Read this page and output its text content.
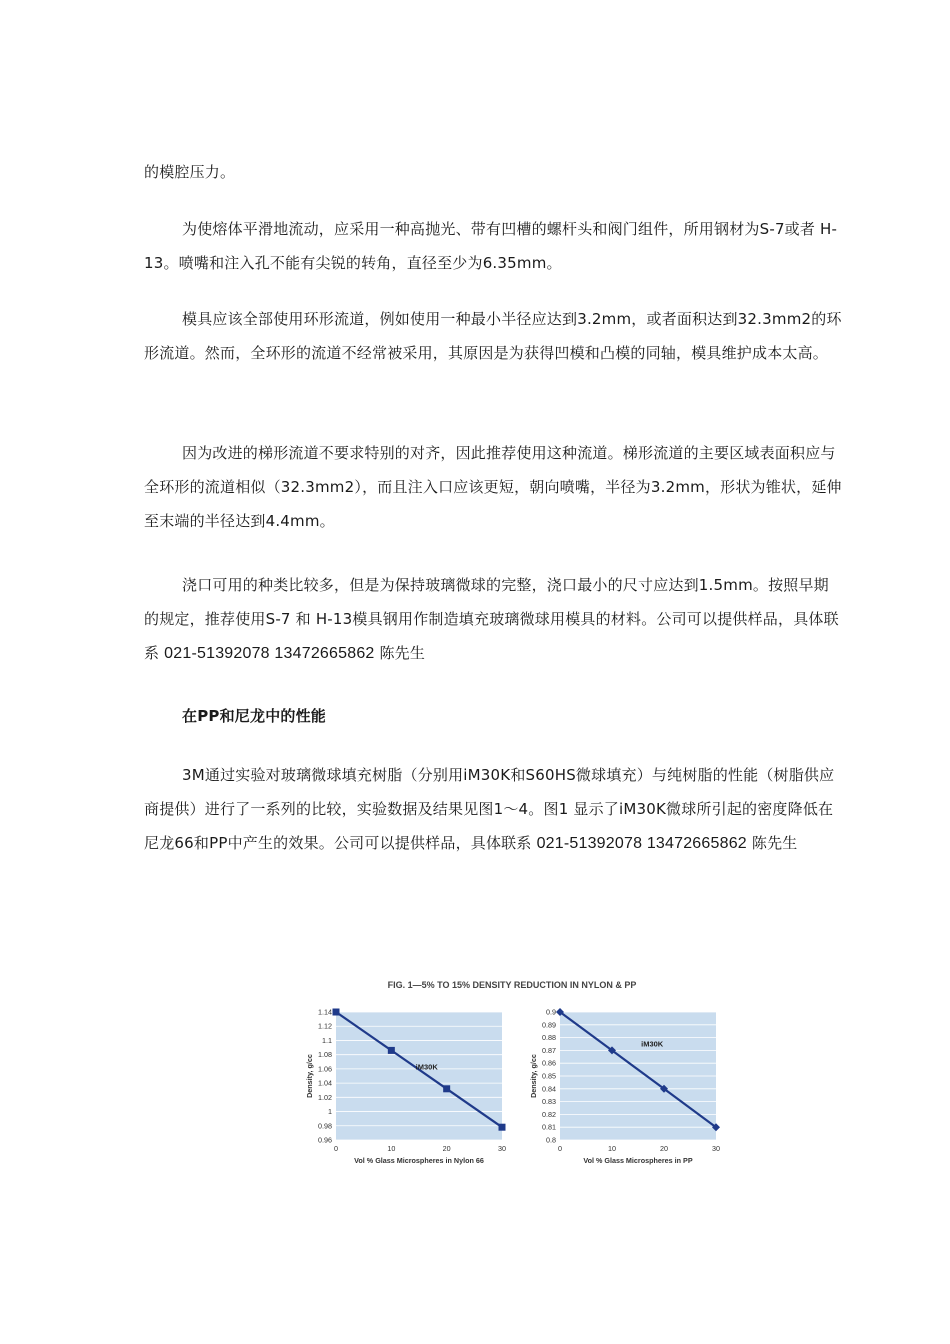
的模腔压力。

为使熔体平滑地流动，应采用一种高抛光、带有凹槽的螺杆头和阀门组件，所用钢材为S-7或者 H-13。喷嘴和注入孔不能有尖锐的转角，直径至少为6.35mm。

模具应该全部使用环形流道，例如使用一种最小半径应达到3.2mm，或者面积达到32.3mm2的环形流道。然而，全环形的流道不经常被采用，其原因是为获得凹模和凸模的同轴，模具维护成本太高。

因为改进的梯形流道不要求特别的对齐，因此推荐使用这种流道。梯形流道的主要区域表面积应与全环形的流道相似（32.3mm2），而且注入口应该更短，朝向喷嘴，半径为3.2mm，形状为锥状，延伸至末端的半径达到4.4mm。

浇口可用的种类比较多，但是为保持玻璃微球的完整，浇口最小的尺寸应达到1.5mm。按照早期的规定，推荐使用S-7 和 H-13模具钢用作制造填充玻璃微球用模具的材料。公司可以提供样品，具体联系 021-51392078 13472665862 陈先生

在PP和尼龙中的性能

3M通过实验对玻璃微球填充树脂（分别用iM30K和S60HS微球填充）与纯树脂的性能（树脂供应商提供）进行了一系列的比较，实验数据及结果见图1～4。图1 显示了iM30K微球所引起的密度降低在尼龙66和PP中产生的效果。公司可以提供样品，具体联系 021-51392078 13472665862 陈先生

FIG. 1—5% TO 15% DENSITY REDUCTION IN NYLON & PP
1.14
1.12
1.1
1.08
1.06
1.04
1.02
1
0.98
0.96
0	10	20	30
Vol % Glass Microspheres in Nylon 66
Density, g/cc	iM30K
0.9
0.89
0.88
0.87
0.86
0.85
0.84
0.83
0.82
0.81
0.8
0	10	20	30
Vol % Glass Microspheres in PP
Density, g/cc
iM30K
